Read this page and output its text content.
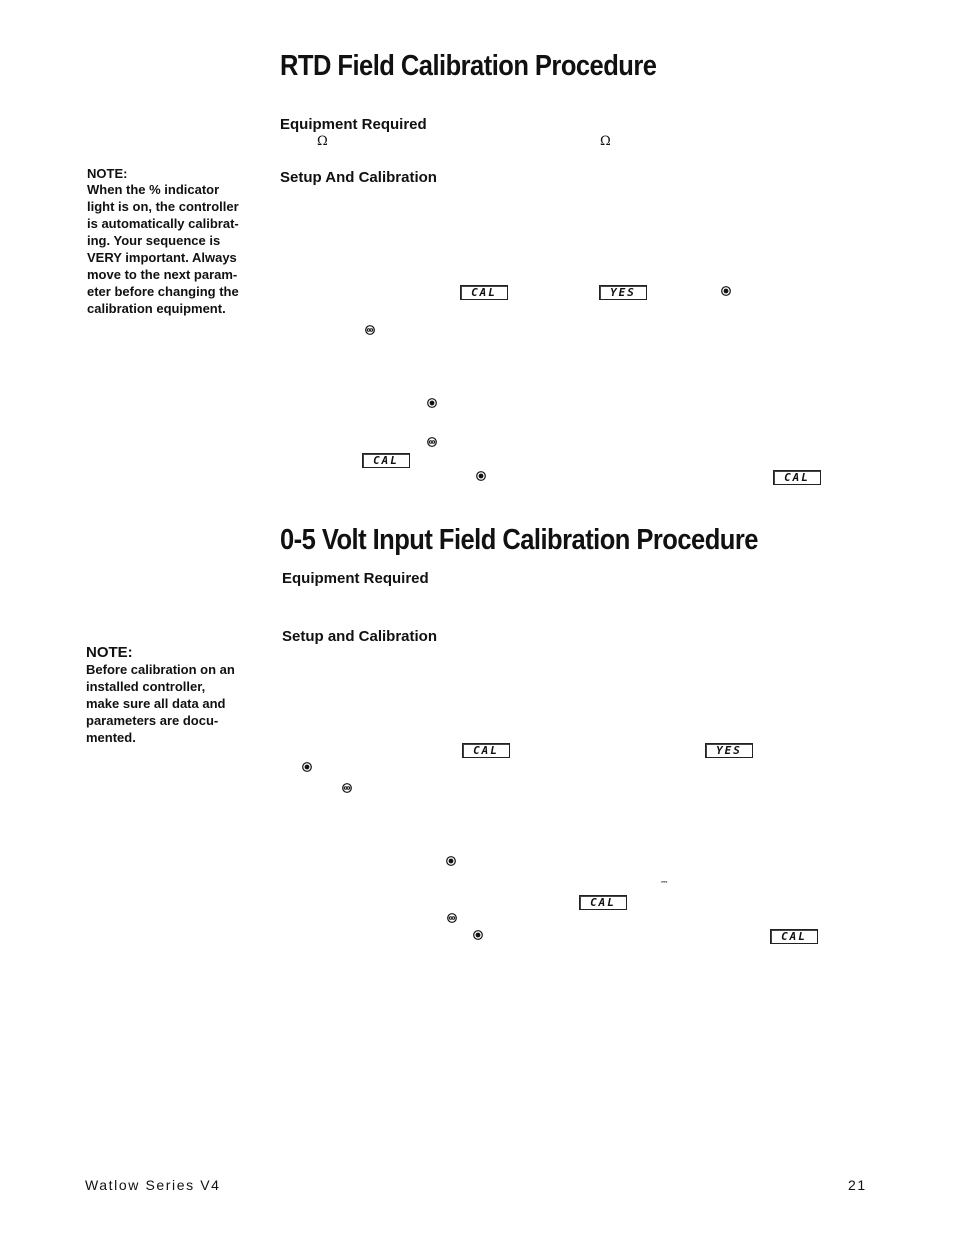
RTD Field Calibration Procedure
Equipment Required
Ω	Ω
Setup And Calibration
NOTE:
When the % indicator
light is on, the controller
is automatically calibrat-
ing. Your sequence is
VERY important. Always
move to the next param-
eter before changing the
calibration equipment.
CAL	YES
CAL
CAL
0-5 Volt Input Field Calibration Procedure
Equipment Required
Setup and Calibration
NOTE:
Before calibration on an
installed controller,
make sure all data and
parameters are docu-
mented.
CAL	YES
⎓
CAL
CAL
Watlow Series V4	21
